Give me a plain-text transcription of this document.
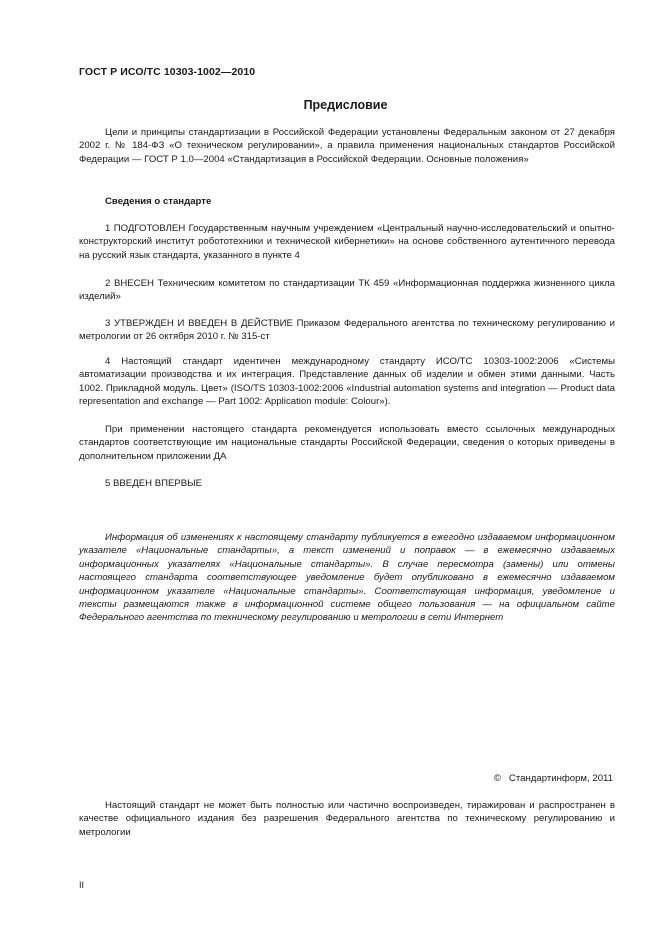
ГОСТ Р ИСО/ТС 10303-1002—2010
Предисловие
Цели и принципы стандартизации в Российской Федерации установлены Федеральным законом от 27 декабря 2002 г. № 184-ФЗ «О техническом регулировании», а правила применения национальных стандартов Российской Федерации — ГОСТ Р 1.0—2004 «Стандартизация в Российской Федерации. Основные положения»
Сведения о стандарте
1 ПОДГОТОВЛЕН Государственным научным учреждением «Центральный научно-исследовательский и опытно-конструкторский институт робототехники и технической кибернетики» на основе собственного аутентичного перевода на русский язык стандарта, указанного в пункте 4
2 ВНЕСЕН Техническим комитетом по стандартизации ТК 459 «Информационная поддержка жизненного цикла изделий»
3 УТВЕРЖДЕН И ВВЕДЕН В ДЕЙСТВИЕ Приказом Федерального агентства по техническому регулированию и метрологии от 26 октября 2010 г. № 315-ст
4 Настоящий стандарт идентичен международному стандарту ИСО/ТС 10303-1002:2006 «Системы автоматизации производства и их интеграция. Представление данных об изделии и обмен этими данными. Часть 1002. Прикладной модуль. Цвет» (ISO/TS 10303-1002:2006 «Industrial automation systems and integration — Product data representation and exchange — Part 1002: Application module: Colour»).
При применении настоящего стандарта рекомендуется использовать вместо ссылочных международных стандартов соответствующие им национальные стандарты Российской Федерации, сведения о которых приведены в дополнительном приложении ДА
5 ВВЕДЕН ВПЕРВЫЕ
Информация об изменениях к настоящему стандарту публикуется в ежегодно издаваемом информационном указателе «Национальные стандарты», а текст изменений и поправок — в ежемесячно издаваемых информационных указателях «Национальные стандарты». В случае пересмотра (замены) или отмены настоящего стандарта соответствующее уведомление будет опубликовано в ежемесячно издаваемом информационном указателе «Национальные стандарты». Соответствующая информация, уведомление и тексты размещаются также в информационной системе общего пользования — на официальном сайте Федерального агентства по техническому регулированию и метрологии в сети Интернет
©   Стандартинформ, 2011
Настоящий стандарт не может быть полностью или частично воспроизведен, тиражирован и распространен в качестве официального издания без разрешения Федерального агентства по техническому регулированию и метрологии
II
